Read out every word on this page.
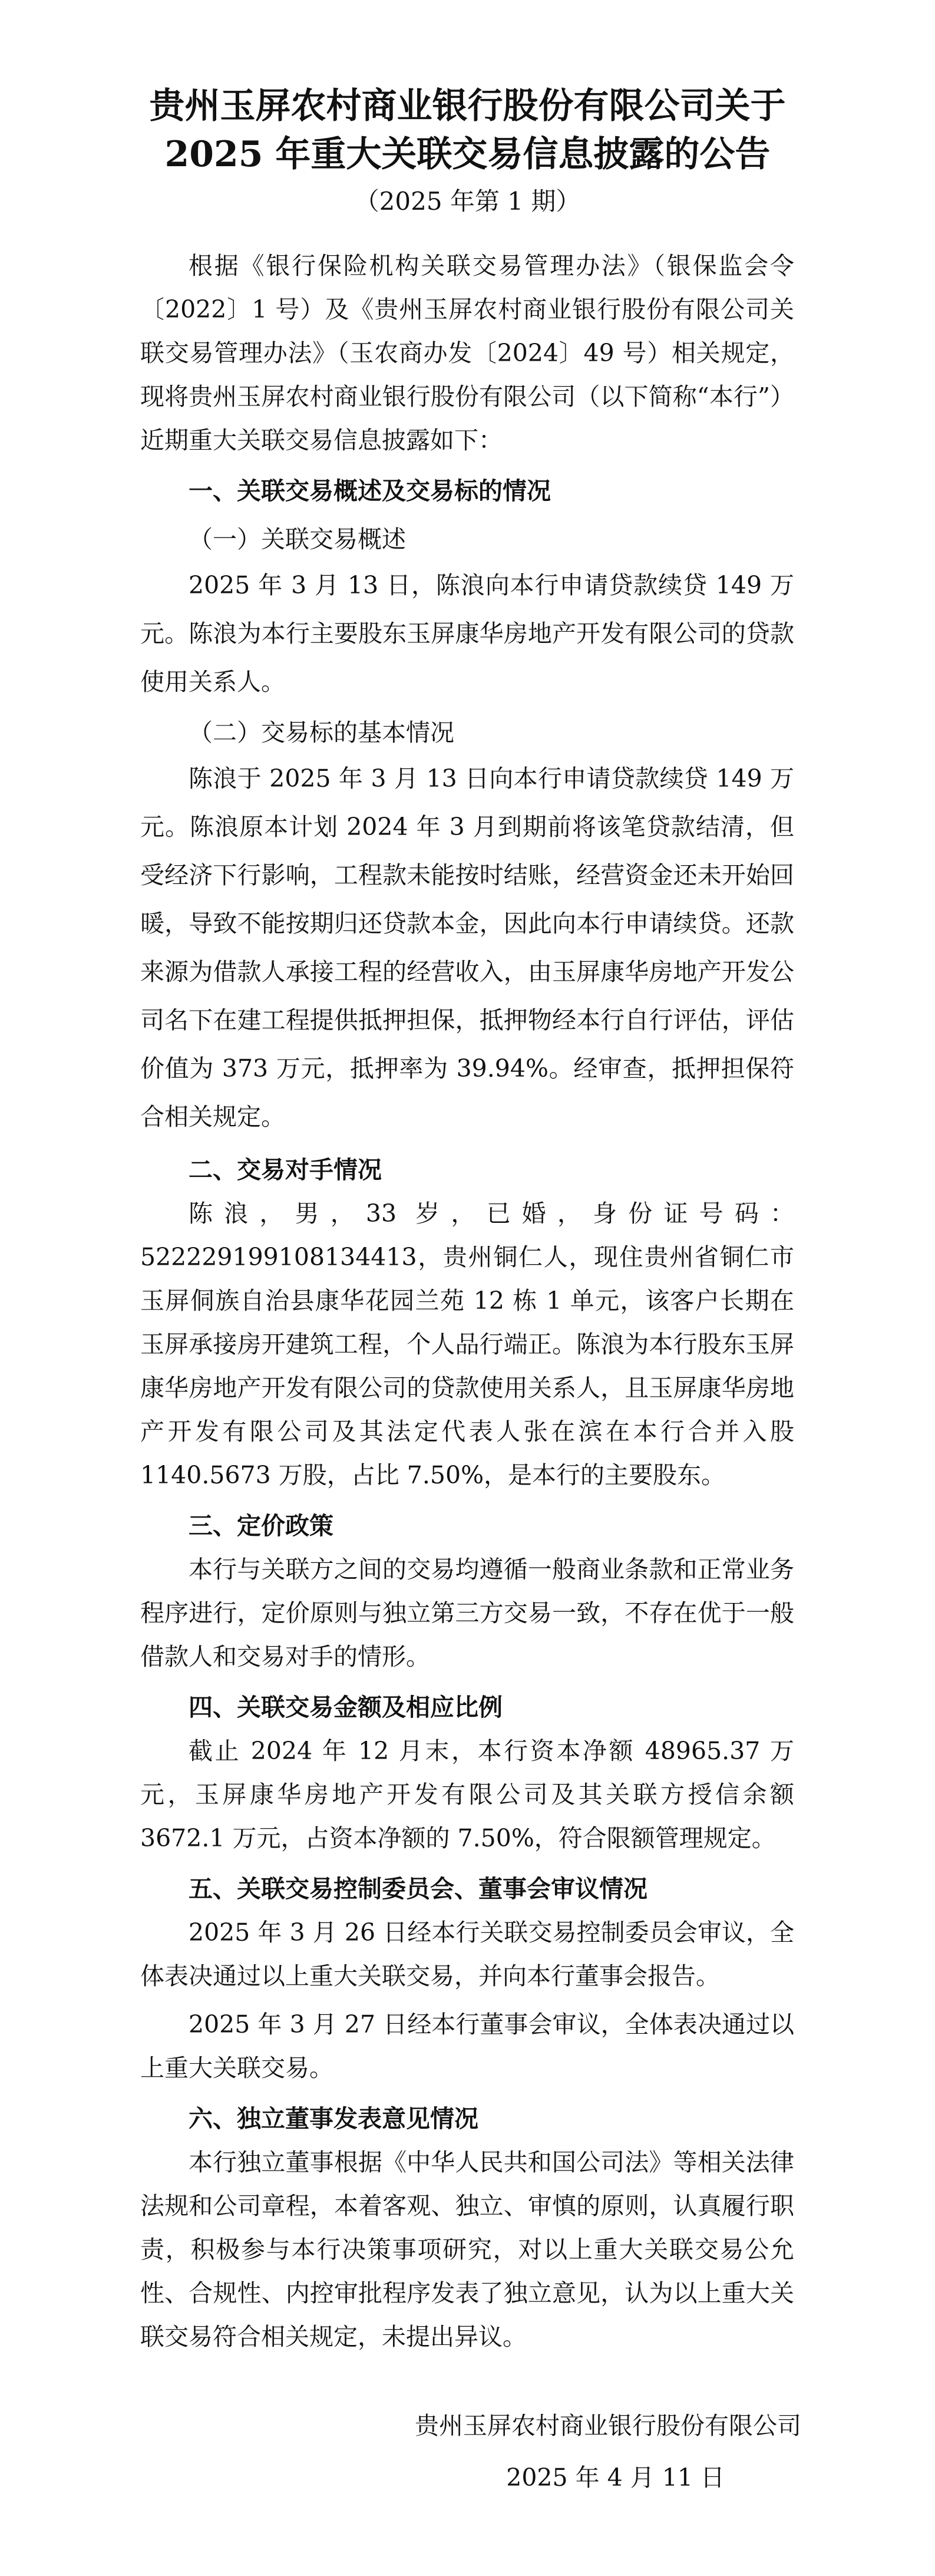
贵州玉屏农村商业银行股份有限公司关于
2025 年重大关联交易信息披露的公告
（2025 年第 1 期）

根据《银行保险机构关联交易管理办法》（银保监会令〔2022〕1 号）及《贵州玉屏农村商业银行股份有限公司关联交易管理办法》（玉农商办发〔2024〕49 号）相关规定，现将贵州玉屏农村商业银行股份有限公司（以下简称“本行”）近期重大关联交易信息披露如下：

一、关联交易概述及交易标的情况

（一）关联交易概述

2025 年 3 月 13 日，陈浪向本行申请贷款续贷 149 万元。陈浪为本行主要股东玉屏康华房地产开发有限公司的贷款使用关系人。

（二）交易标的基本情况

陈浪于 2025 年 3 月 13 日向本行申请贷款续贷 149 万元。陈浪原本计划 2024 年 3 月到期前将该笔贷款结清，但受经济下行影响，工程款未能按时结账，经营资金还未开始回暖，导致不能按期归还贷款本金，因此向本行申请续贷。还款来源为借款人承接工程的经营收入，由玉屏康华房地产开发公司名下在建工程提供抵押担保，抵押物经本行自行评估，评估价值为 373 万元，抵押率为 39.94%。经审查，抵押担保符合相关规定。

二、交易对手情况

陈浪，男，33 岁，已婚，身份证号码：522229199108134413，贵州铜仁人，现住贵州省铜仁市玉屏侗族自治县康华花园兰苑 12 栋 1 单元，该客户长期在玉屏承接房开建筑工程，个人品行端正。陈浪为本行股东玉屏康华房地产开发有限公司的贷款使用关系人，且玉屏康华房地产开发有限公司及其法定代表人张在滨在本行合并入股 1140.5673 万股，占比 7.50%，是本行的主要股东。

三、定价政策

本行与关联方之间的交易均遵循一般商业条款和正常业务程序进行，定价原则与独立第三方交易一致，不存在优于一般借款人和交易对手的情形。

四、关联交易金额及相应比例

截止 2024 年 12 月末，本行资本净额 48965.37 万元，玉屏康华房地产开发有限公司及其关联方授信余额 3672.1 万元，占资本净额的 7.50%，符合限额管理规定。

五、关联交易控制委员会、董事会审议情况

2025 年 3 月 26 日经本行关联交易控制委员会审议，全体表决通过以上重大关联交易，并向本行董事会报告。

2025 年 3 月 27 日经本行董事会审议，全体表决通过以上重大关联交易。

六、独立董事发表意见情况

本行独立董事根据《中华人民共和国公司法》等相关法律法规和公司章程，本着客观、独立、审慎的原则，认真履行职责，积极参与本行决策事项研究，对以上重大关联交易公允性、合规性、内控审批程序发表了独立意见，认为以上重大关联交易符合相关规定，未提出异议。

贵州玉屏农村商业银行股份有限公司
2025 年 4 月 11 日
